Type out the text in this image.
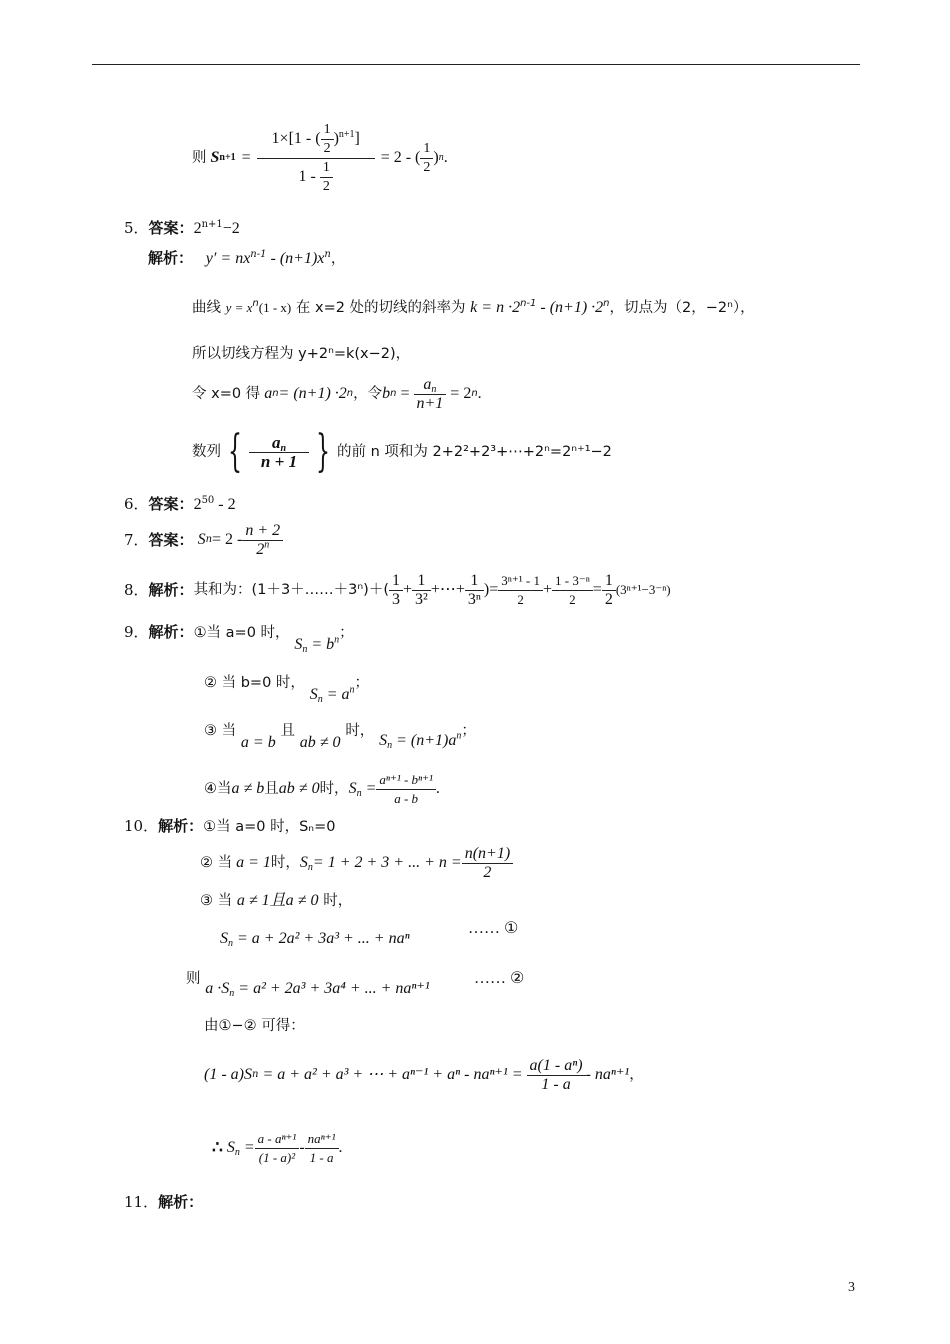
则 S $n+1 = \frac{1\times[1 - ( \frac{1}{2} )^{n+1}]}{1 - \frac{1}{2}} = 2$ - ( $\frac{1}{2}$ ) n .
5．答案：$2^{n+1}-2$
解析： $y' = nx^{n-1} - (n+1)x^n$，
曲线 $y = x^n(1 - x)$ 在 x=2 处的切线的斜率为 $k = n \cdot 2^{n-1} - (n+1) \cdot 2^n$，切点为（2，−2ⁿ），
所以切线方程为 y+2ⁿ=k(x−2)，
令 x=0 得 a n = (n+1) ·2 n ，令 b $n = \frac{a_n}{n+1} = 2$ n .
数列 { $\frac{a_n}{n + 1}$ } 的前 n 项和为 2+2²+2³+⋯+2ⁿ=2ⁿ⁺¹−2
6．答案：$2^{50} - 2$
7． 答案： S $n = 2 - \frac{n + 2}{2^n}$
8． 解析： 其和为：(1＋3＋……＋3ⁿ)＋( $\frac{1}{3} + \frac{1}{\text{3²}}$ +⋯+ $\frac{1}{\text{3ⁿ}}$ )= $\frac{\text{3ⁿ⁺¹ - 1}}{2} + \frac{\text{1 - 3⁻ⁿ}}{2} = \frac{1}{2} (3^{n+1}-3^{-n})$
9．解析：①当 a=0 时， $S_n = b^n$；
② 当 b=0 时， $S_n = a^n$；
③ 当 a = b 且 ab ≠ 0 时， $S_n = (n+1)a^n$；
④当 a ≠ b 且 ab ≠ 0 时， $S_n = \frac{\text{aⁿ⁺¹ - bⁿ⁺¹}}{a - b}$ .
10．解析：①当 a=0 时，Sₙ=0
② 当 a = 1 时， $S_n = 1 + 2 + 3$ + ... + $n = \frac{n(n+1)}{2}$
③ 当 a ≠ 1且a ≠ 0 时，
$S_n = a + 2a^2 + 3a^3$ + ... + naⁿ
…… ①
则 $a \cdot S_n = a^2 + 2a^3 + 3a^4$ + ... + naⁿ⁺¹
…… ②
由①−② 可得：
(1 - a)S n = a + a² + a³ + ⋯ + $a^{n-1} + a^n - na^{n+1} = \frac{\text{a(1 - aⁿ)}}{1 - a} - na^{n+1}$ ，
∴ $S_n = \frac{\text{a - aⁿ⁺¹}}{\text{(1 - a)²}} - \frac{\text{naⁿ⁺¹}}{1 - a}$ .
11．解析：
3
